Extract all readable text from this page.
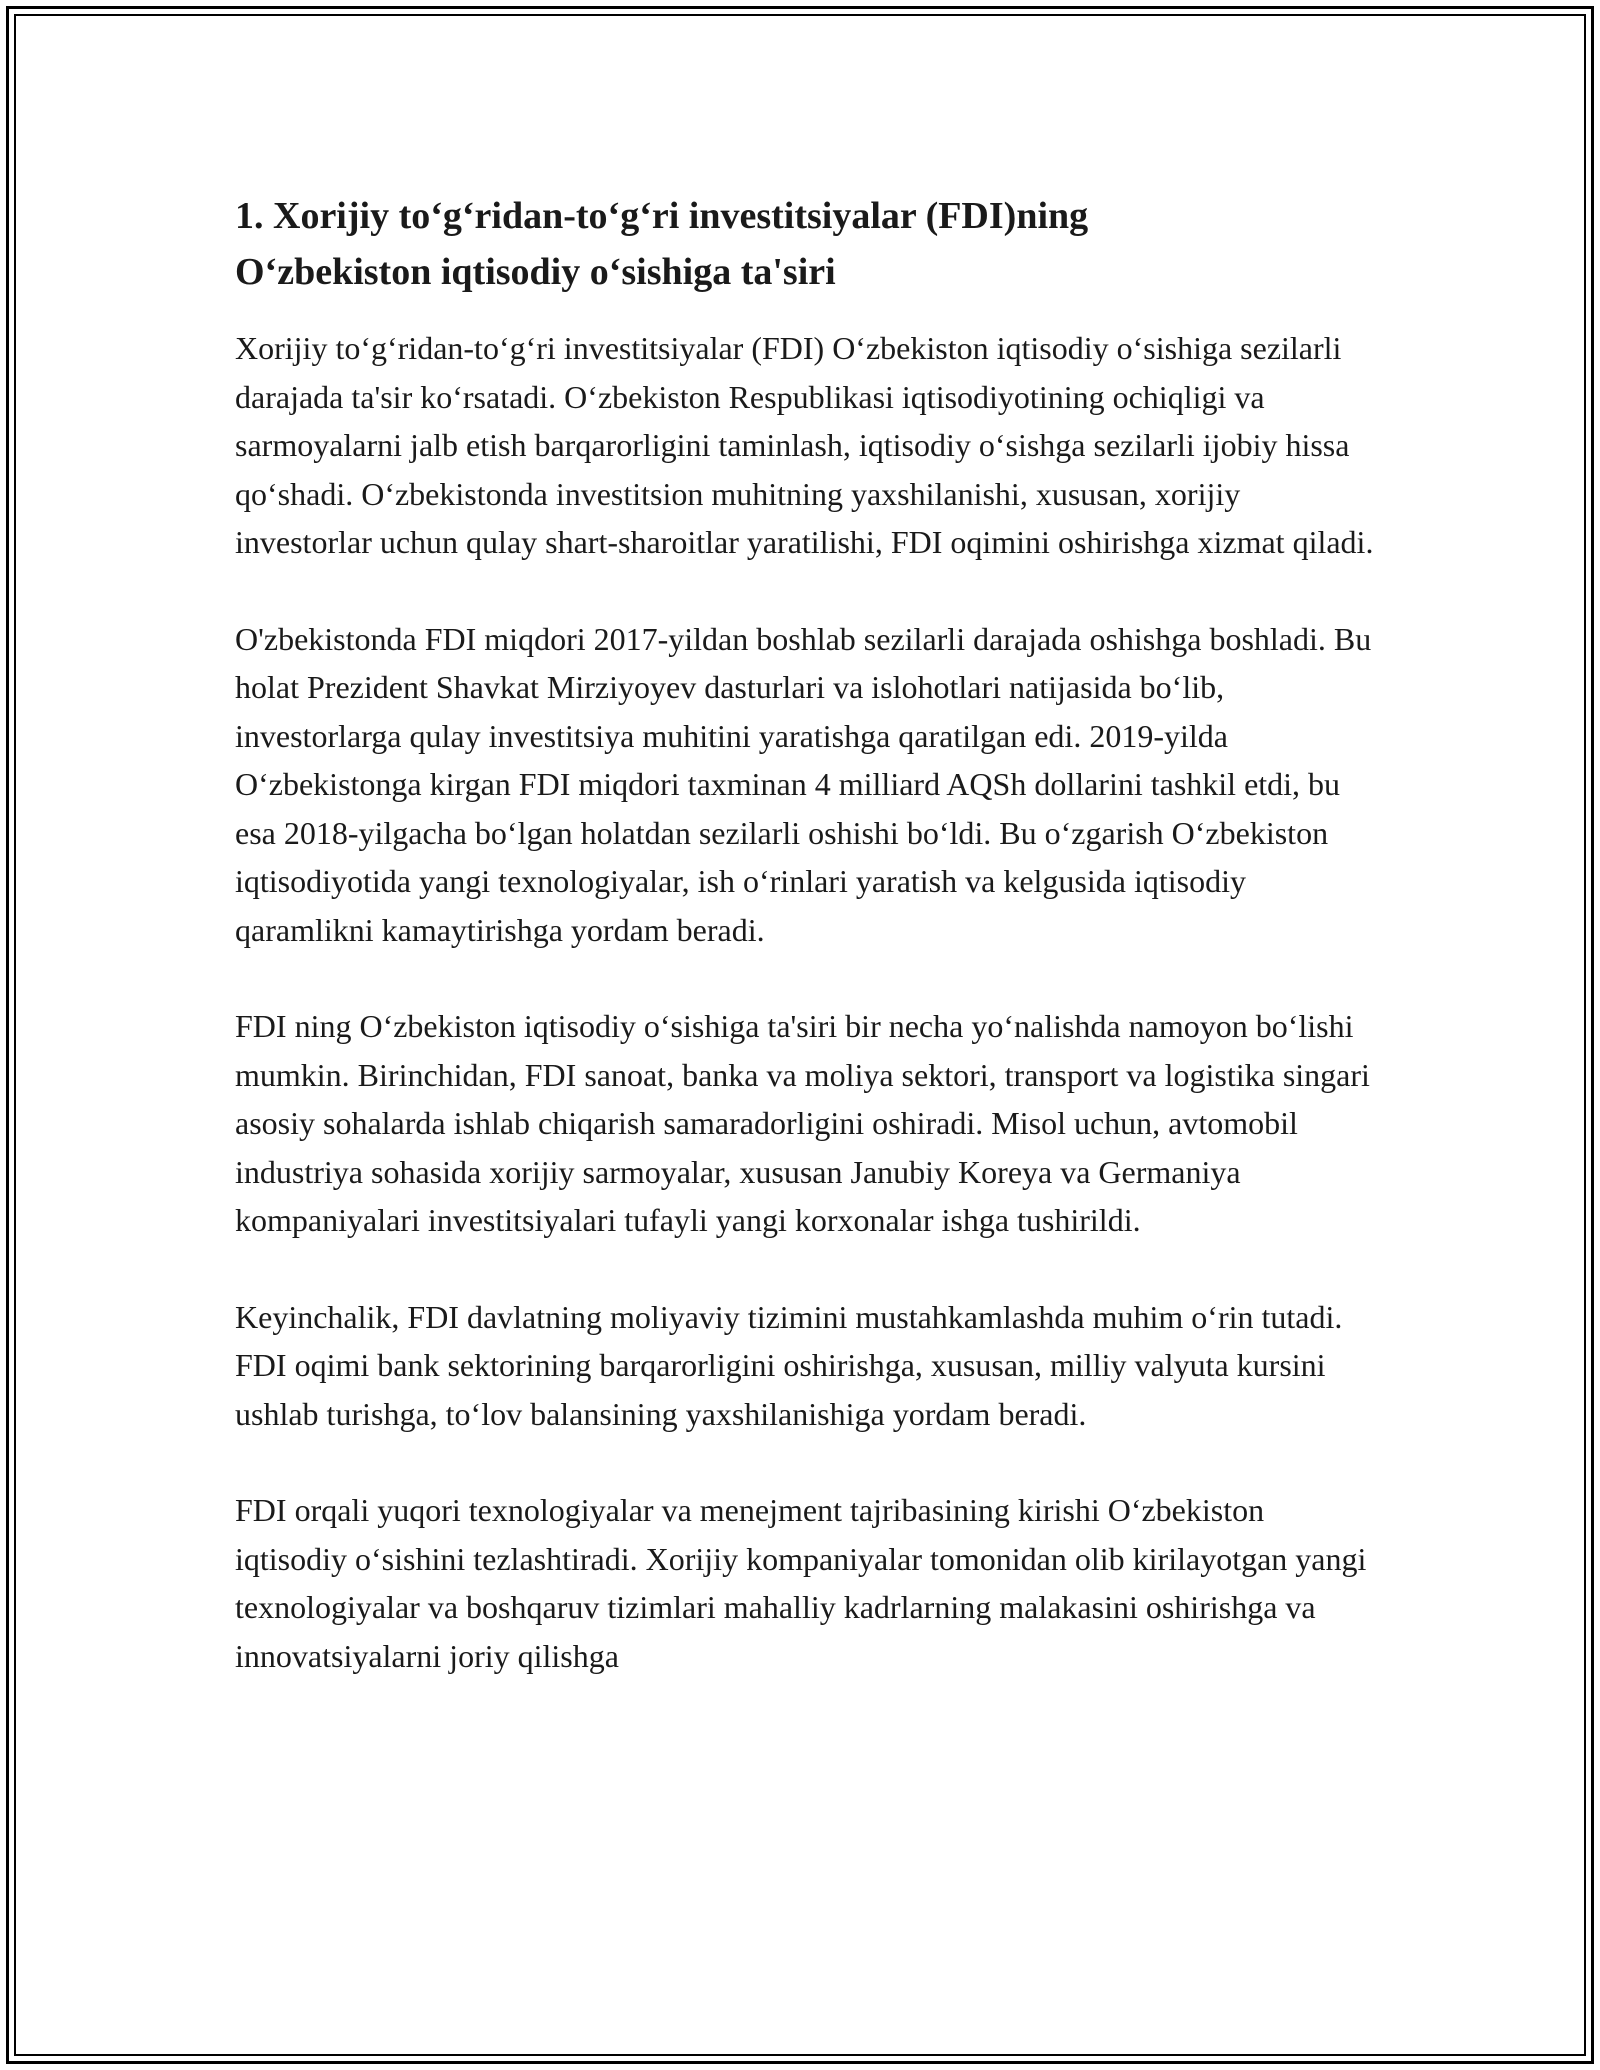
1. Xorijiy to‘g‘ridan-to‘g‘ri investitsiyalar (FDI)ning
O‘zbekiston iqtisodiy o‘sishiga ta'siri

Xorijiy to‘g‘ridan-to‘g‘ri investitsiyalar (FDI) O‘zbekiston iqtisodiy o‘sishiga sezilarli darajada ta'sir ko‘rsatadi. O‘zbekiston Respublikasi iqtisodiyotining ochiqligi va sarmoyalarni jalb etish barqarorligini taminlash, iqtisodiy o‘sishga sezilarli ijobiy hissa qo‘shadi. O‘zbekistonda investitsion muhitning yaxshilanishi, xususan, xorijiy investorlar uchun qulay shart-sharoitlar yaratilishi, FDI oqimini oshirishga xizmat qiladi.

O'zbekistonda FDI miqdori 2017-yildan boshlab sezilarli darajada oshishga boshladi. Bu holat Prezident Shavkat Mirziyoyev dasturlari va islohotlari natijasida bo‘lib, investorlarga qulay investitsiya muhitini yaratishga qaratilgan edi. 2019-yilda O‘zbekistonga kirgan FDI miqdori taxminan 4 milliard AQSh dollarini tashkil etdi, bu esa 2018-yilgacha bo‘lgan holatdan sezilarli oshishi bo‘ldi. Bu o‘zgarish O‘zbekiston iqtisodiyotida yangi texnologiyalar, ish o‘rinlari yaratish va kelgusida iqtisodiy qaramlikni kamaytirishga yordam beradi.

FDI ning O‘zbekiston iqtisodiy o‘sishiga ta'siri bir necha yo‘nalishda namoyon bo‘lishi mumkin. Birinchidan, FDI sanoat, banka va moliya sektori, transport va logistika singari asosiy sohalarda ishlab chiqarish samaradorligini oshiradi. Misol uchun, avtomobil industriya sohasida xorijiy sarmoyalar, xususan Janubiy Koreya va Germaniya kompaniyalari investitsiyalari tufayli yangi korxonalar ishga tushirildi.

Keyinchalik, FDI davlatning moliyaviy tizimini mustahkamlashda muhim o‘rin tutadi. FDI oqimi bank sektorining barqarorligini oshirishga, xususan, milliy valyuta kursini ushlab turishga, to‘lov balansining yaxshilanishiga yordam beradi.

FDI orqali yuqori texnologiyalar va menejment tajribasining kirishi O‘zbekiston iqtisodiy o‘sishini tezlashtiradi. Xorijiy kompaniyalar tomonidan olib kirilayotgan yangi texnologiyalar va boshqaruv tizimlari mahalliy kadrlarning malakasini oshirishga va innovatsiyalarni joriy qilishga
